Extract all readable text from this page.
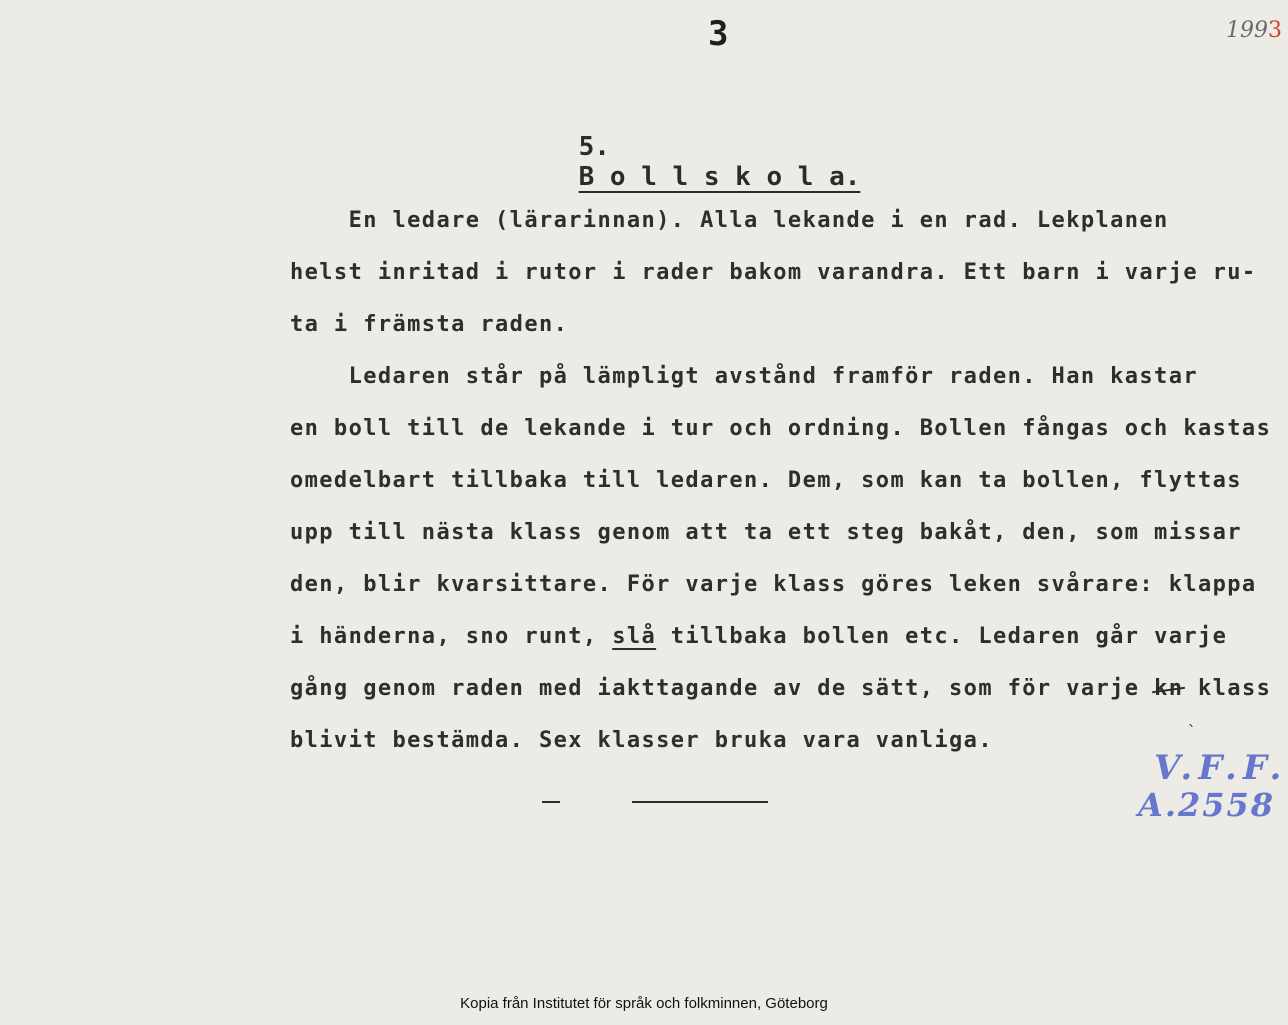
3	1993

5.
B o l l s k o l a.

En ledare (lärarinnan). Alla lekande i en rad. Lekplanen
helst inritad i rutor i rader bakom varandra. Ett barn i varje ru-
ta i främsta raden.
Ledaren står på lämpligt avstånd framför raden. Han kastar
en boll till de lekande i tur och ordning. Bollen fångas och kastas
omedelbart tillbaka till ledaren. Dem, som kan ta bollen, flyttas
upp till nästa klass genom att ta ett steg bakåt, den, som missar
den, blir kvarsittare. För varje klass göres leken svårare: klappa
i händerna, sno runt, slå tillbaka bollen etc. Ledaren går varje
gång genom raden med iakttagande av de sätt, som för varje kn klass
blivit bestämda. Sex klasser bruka vara vanliga.	`
V.F.F.
A.2558
Kopia från Institutet för språk och folkminnen, Göteborg
